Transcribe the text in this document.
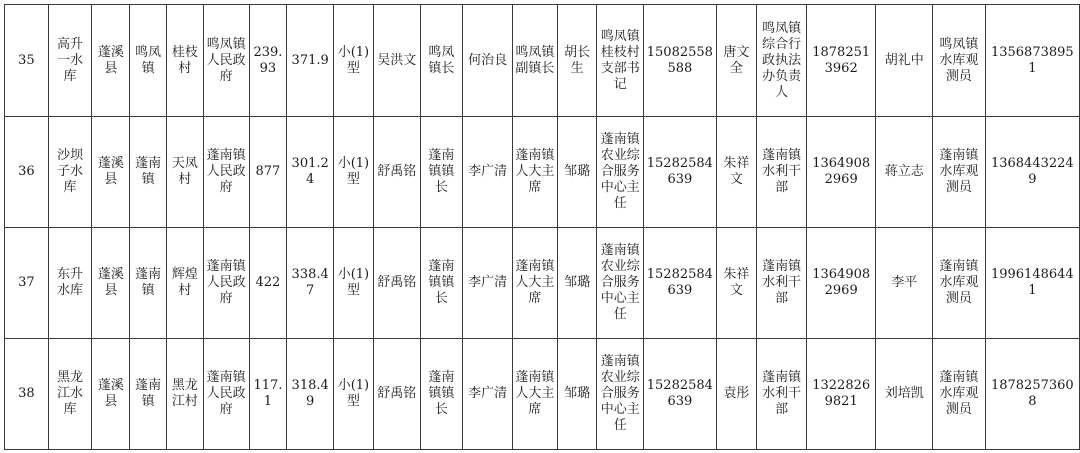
35	高升一水库	蓬溪县	鸣凤镇	桂枝村	鸣凤镇人民政府	239.93	371.9	小(1)型	吴洪文	鸣凤镇长	何治良	鸣凤镇副镇长	胡长生	鸣凤镇桂枝村支部书记	15082558588	唐文全	鸣凤镇综合行政执法办负责人	18782513962	胡礼中	鸣凤镇水库观测员	13568738951
36	沙坝子水库	蓬溪县	蓬南镇	天凤村	蓬南镇人民政府	877	301.24	小(1)型	舒禹铭	蓬南镇镇长	李广清	蓬南镇人大主席	邹璐	蓬南镇农业综合服务中心主任	15282584639	朱祥文	蓬南镇水利干部	13649082969	蒋立志	蓬南镇水库观测员	13684432249
37	东升水库	蓬溪县	蓬南镇	辉煌村	蓬南镇人民政府	422	338.47	小(1)型	舒禹铭	蓬南镇镇长	李广清	蓬南镇人大主席	邹璐	蓬南镇农业综合服务中心主任	15282584639	朱祥文	蓬南镇水利干部	13649082969	李平	蓬南镇水库观测员	19961486441
38	黑龙江水库	蓬溪县	蓬南镇	黑龙江村	蓬南镇人民政府	117.1	318.49	小(1)型	舒禹铭	蓬南镇镇长	李广清	蓬南镇人大主席	邹璐	蓬南镇农业综合服务中心主任	15282584639	袁彤	蓬南镇水利干部	13228269821	刘培凯	蓬南镇水库观测员	18782573608
